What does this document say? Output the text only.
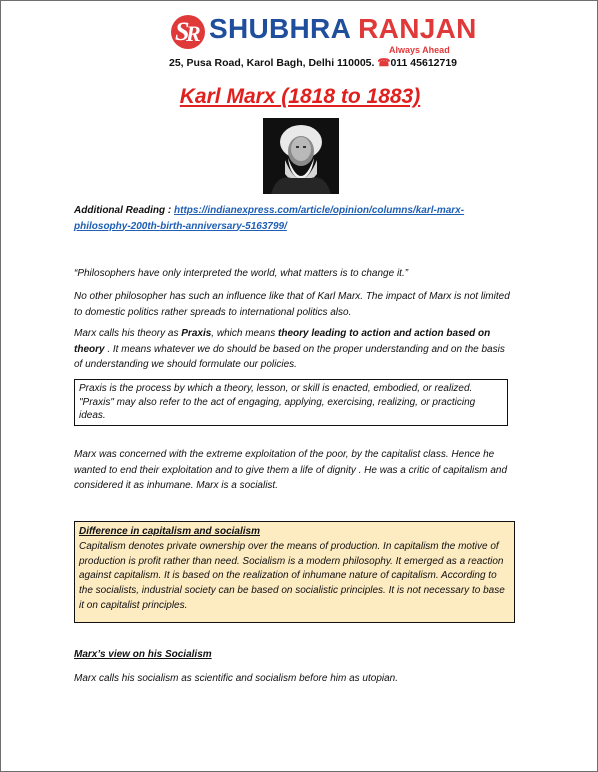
S
R SHUBHRA RANJAN
Always Ahead
25, Pusa Road, Karol Bagh, Delhi 110005. ☎011 45612719
Karl Marx (1818 to 1883)
Additional Reading : https://indianexpress.com/article/opinion/columns/karl-marx-philosophy-200th-birth-anniversary-5163799/
“Philosophers have only interpreted the world, what matters is to change it.”
No other philosopher has such an influence like that of Karl Marx. The impact of Marx is not limited to domestic politics rather spreads to international politics also.
Marx calls his theory as Praxis, which means theory leading to action and action based on theory . It means whatever we do should be based on the proper understanding and on the basis of understanding we should formulate our policies.
Praxis is the process by which a theory, lesson, or skill is enacted, embodied, or realized. "Praxis" may also refer to the act of engaging, applying, exercising, realizing, or practicing ideas.
Marx was concerned with the extreme exploitation of the poor, by the capitalist class. Hence he wanted to end their exploitation and to give them a life of dignity . He was a critic of capitalism and considered it as inhumane. Marx is a socialist.
Difference in capitalism and socialism
Capitalism denotes private ownership over the means of production. In capitalism the motive of production is profit rather than need. Socialism is a modern philosophy. It emerged as a reaction against capitalism. It is based on the realization of inhumane nature of capitalism. According to the socialists, industrial society can be based on socialistic principles. It is not necessary to base it on capitalist principles.
Marx’s view on his Socialism
Marx calls his socialism as scientific and socialism before him as utopian.
